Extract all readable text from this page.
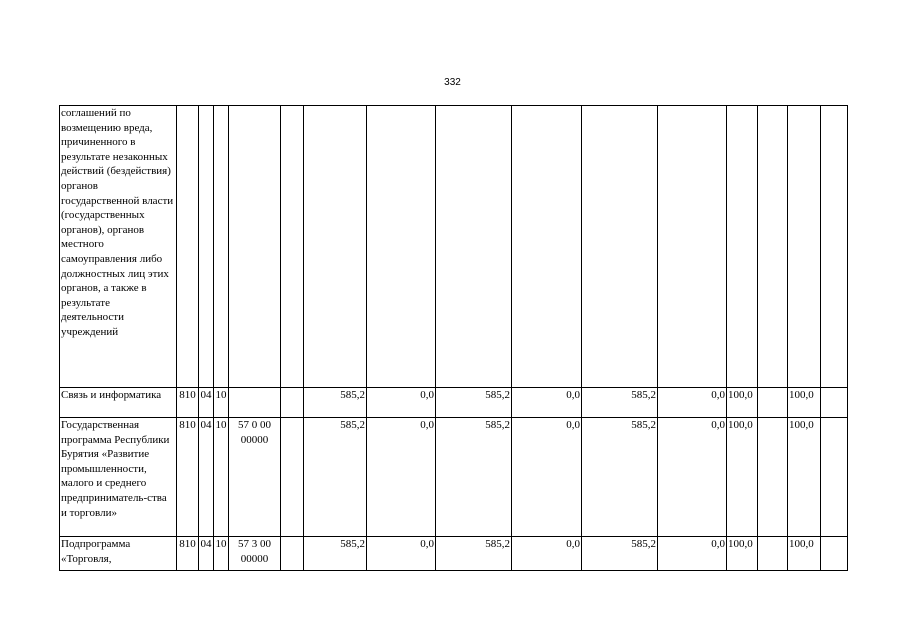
332
соглашений по возмещению вреда, причиненного в результате незаконных действий (бездействия) органов государственной власти (государственных органов), органов местного самоуправления либо должностных лиц этих органов, а также в результате деятельности учреждений															
Связь и информатика	810	04	10			585,2	0,0	585,2	0,0	585,2	0,0	100,0		100,0	
Государственная программа Республики Бурятия «Развитие промышленности, малого и среднего предприниматель-ства и торговли»	810	04	10	57 0 00 00000		585,2	0,0	585,2	0,0	585,2	0,0	100,0		100,0	
Подпрограмма «Торговля,	810	04	10	57 3 00 00000		585,2	0,0	585,2	0,0	585,2	0,0	100,0		100,0	
